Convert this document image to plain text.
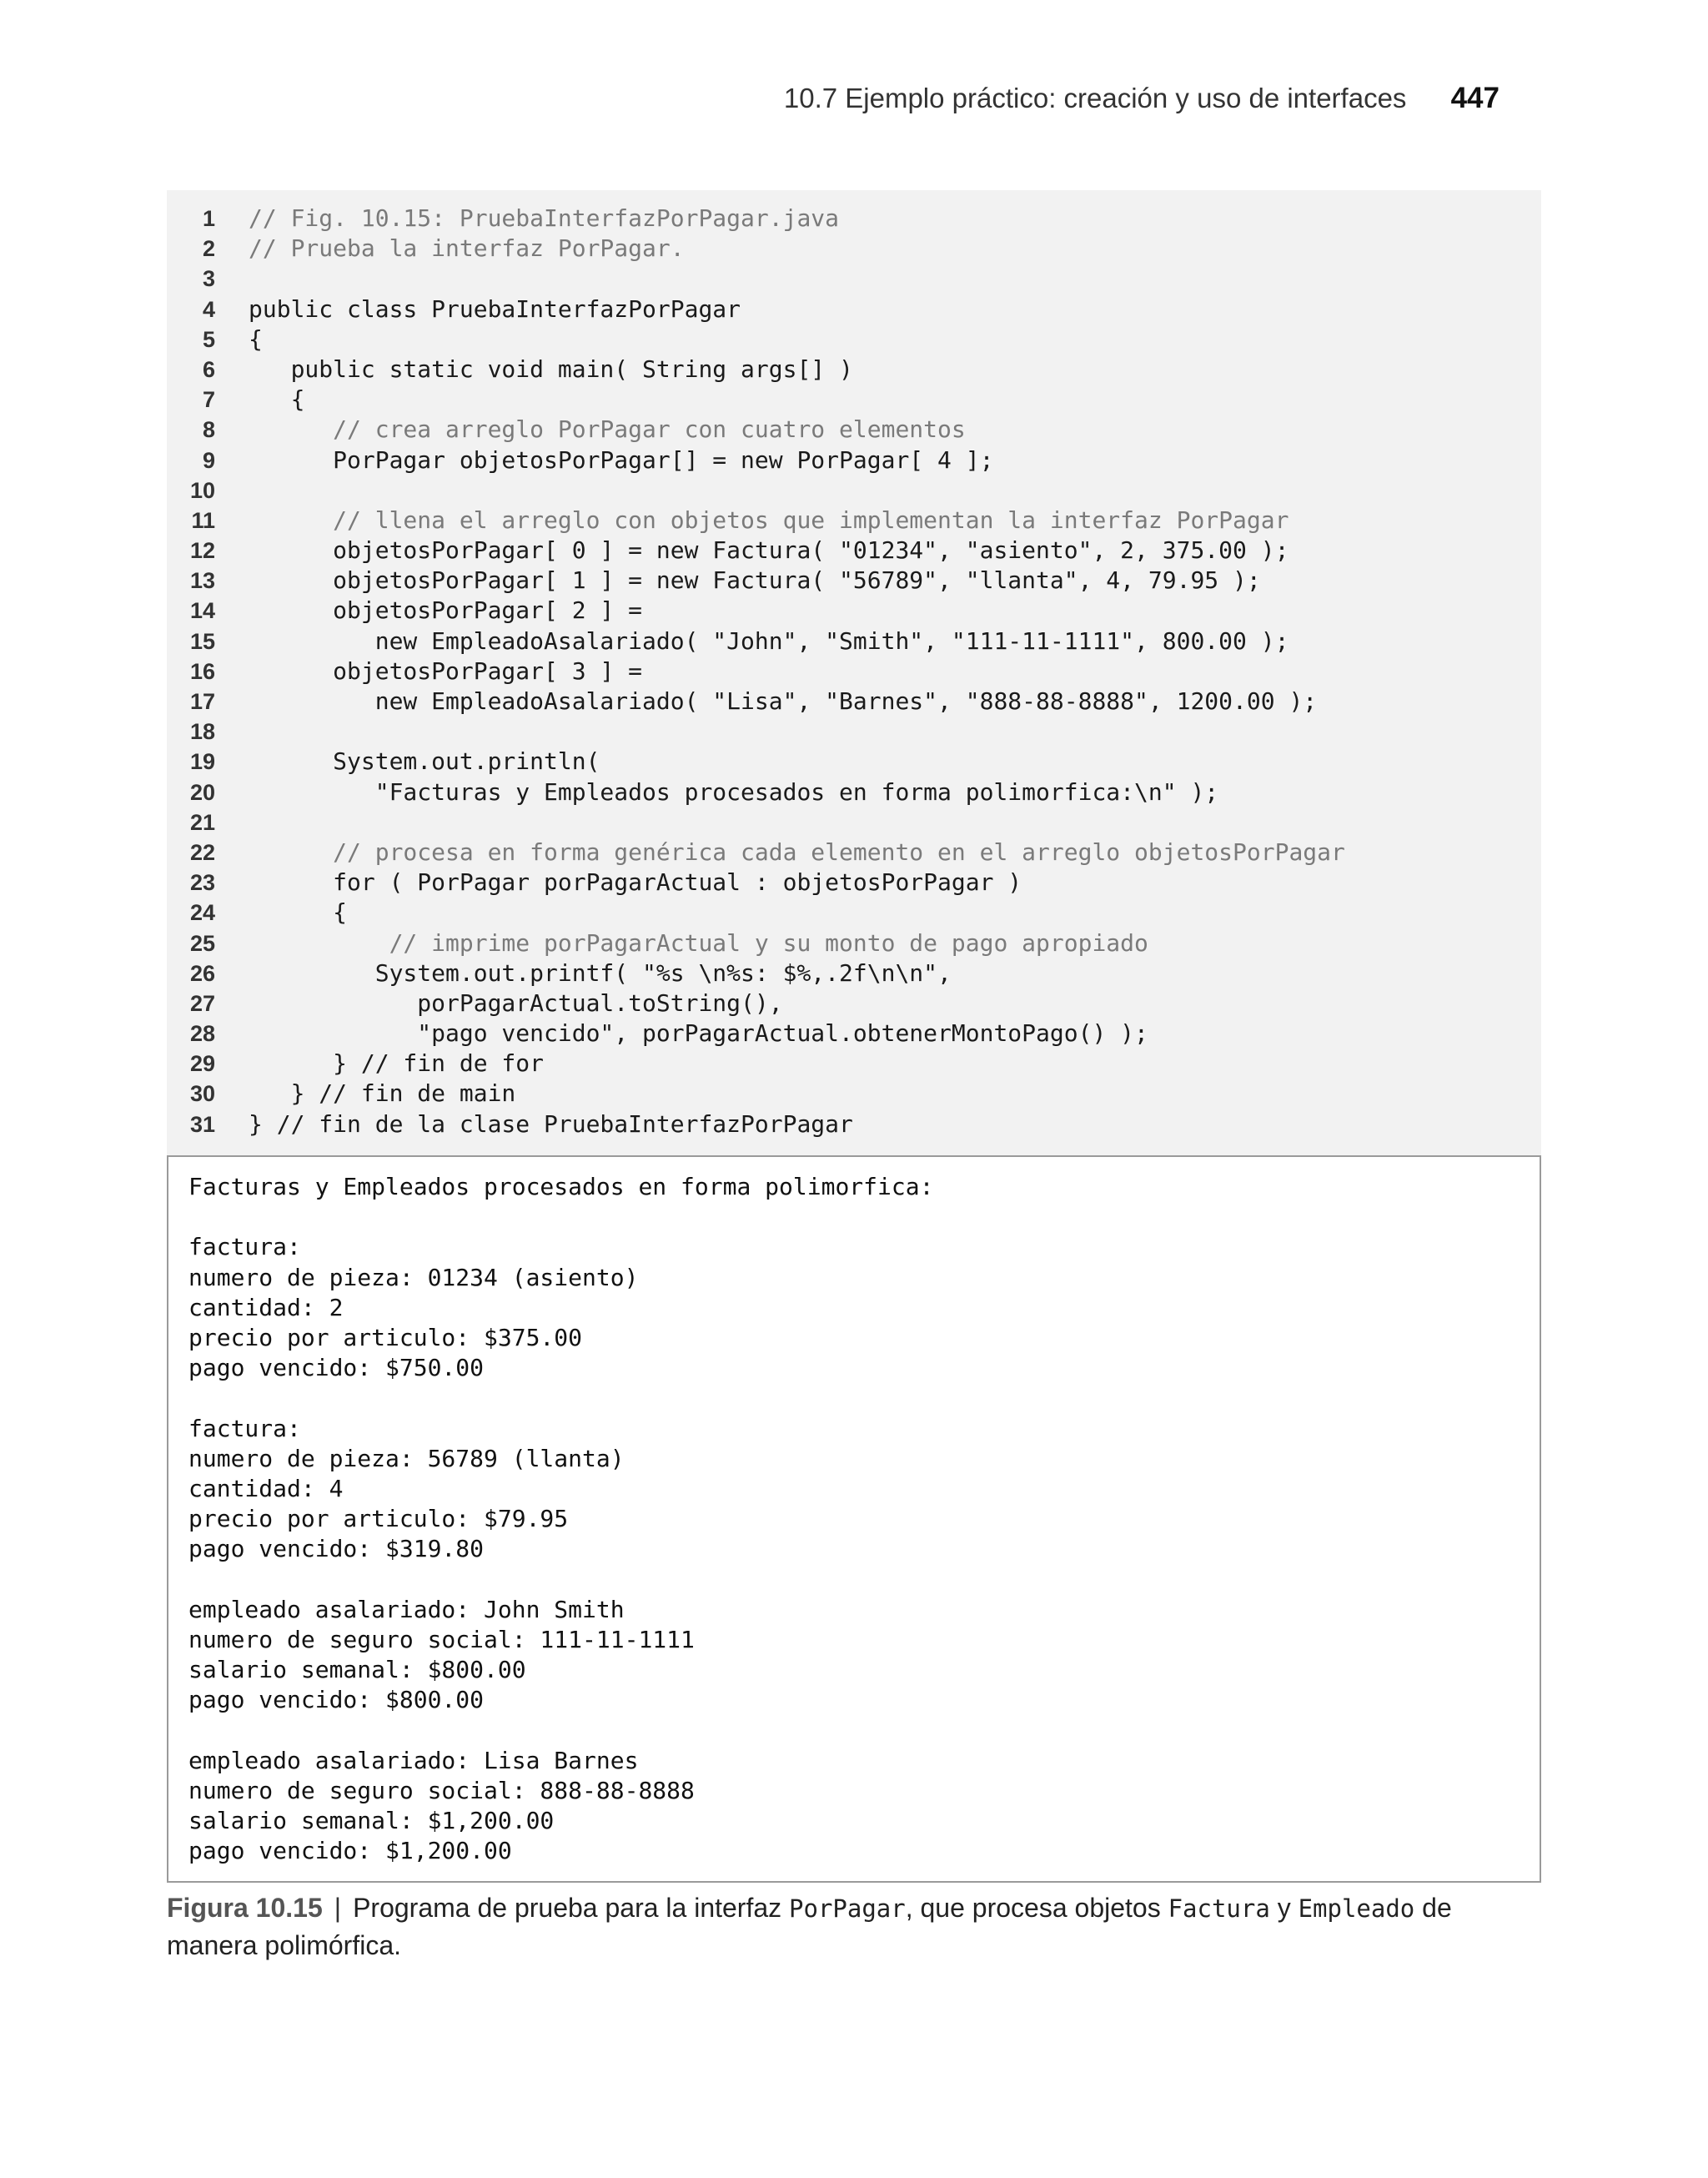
10.7 Ejemplo práctico: creación y uso de interfaces 447
1 // Fig. 10.15: PruebaInterfazPorPagar.java
2 // Prueba la interfaz PorPagar.
3
4 public class PruebaInterfazPorPagar
5 {
6 public static void main( String args[] )
7 {
8 // crea arreglo PorPagar con cuatro elementos
9 PorPagar objetosPorPagar[] = new PorPagar[ 4 ];
10
11 // llena el arreglo con objetos que implementan la interfaz PorPagar
12 objetosPorPagar[ 0 ] = new Factura( "01234", "asiento", 2, 375.00 );
13 objetosPorPagar[ 1 ] = new Factura( "56789", "llanta", 4, 79.95 );
14 objetosPorPagar[ 2 ] =
15 new EmpleadoAsalariado( "John", "Smith", "111-11-1111", 800.00 );
16 objetosPorPagar[ 3 ] =
17 new EmpleadoAsalariado( "Lisa", "Barnes", "888-88-8888", 1200.00 );
18
19 System.out.println(
20 "Facturas y Empleados procesados en forma polimorfica:\n" );
21
22 // procesa en forma genérica cada elemento en el arreglo objetosPorPagar
23 for ( PorPagar porPagarActual : objetosPorPagar )
24 {
25 // imprime porPagarActual y su monto de pago apropiado
26 System.out.printf( "%s \n%s: $%,.2f\n\n",
27 porPagarActual.toString(),
28 "pago vencido", porPagarActual.obtenerMontoPago() );
29 } // fin de for
30 } // fin de main
31 } // fin de la clase PruebaInterfazPorPagar
Facturas y Empleados procesados en forma polimorfica:
factura:
numero de pieza: 01234 (asiento)
cantidad: 2
precio por articulo: $375.00
pago vencido: $750.00
factura:
numero de pieza: 56789 (llanta)
cantidad: 4
precio por articulo: $79.95
pago vencido: $319.80
empleado asalariado: John Smith
numero de seguro social: 111-11-1111
salario semanal: $800.00
pago vencido: $800.00
empleado asalariado: Lisa Barnes
numero de seguro social: 888-88-8888
salario semanal: $1,200.00
pago vencido: $1,200.00
Figura 10.15 | Programa de prueba para la interfaz PorPagar, que procesa objetos Factura y Empleado de manera polimórfica.
